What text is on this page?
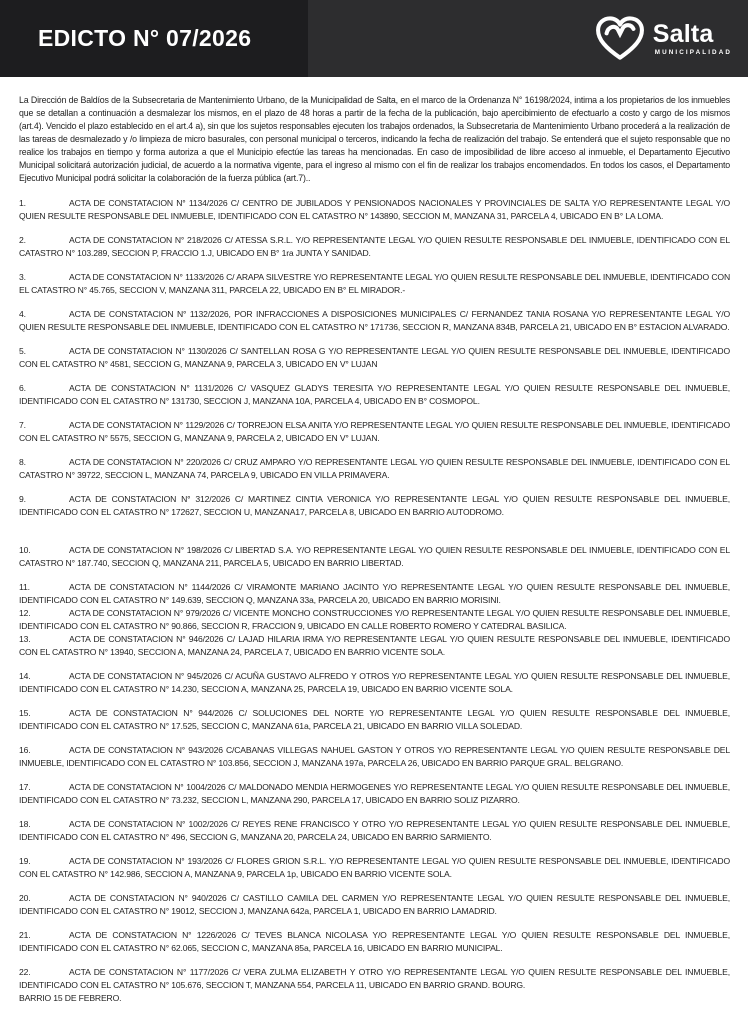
EDICTO N° 07/2026	Salta
MUNICIPALIDAD

La Dirección de Baldíos de la Subsecretaria de Mantenimiento Urbano, de la Municipalidad de Salta, en el marco de la Ordenanza N° 16198/2024, intima a los propietarios de los inmuebles que se detallan a continuación a desmalezar los mismos, en el plazo de 48 horas a partir de la fecha de la publicación, bajo apercibimiento de efectuarlo a costo y cargo de los mismos (art.4). Vencido el plazo establecido en el art.4 a), sin que los sujetos responsables ejecuten los trabajos ordenados, la Subsecretaria de Mantenimiento Urbano procederá a la realización de las tareas de desmalezado y /o limpieza de micro basurales, con personal municipal o terceros, indicando la fecha de realización del trabajo. Se entenderá que el sujeto responsable que no realice los trabajos en tiempo y forma autoriza a que el Municipio efectúe las tareas ha mencionadas. En caso de imposibilidad de libre acceso al inmueble, el Departamento Ejecutivo Municipal solicitará autorización judicial, de acuerdo a la normativa vigente, para el ingreso al mismo con el fin de realizar los trabajos encomendados. En todos los casos, el Departamento Ejecutivo Municipal podrá solicitar la colaboración de la fuerza pública (art.7)..

1.	ACTA DE CONSTATACION N° 1134/2026 C/ CENTRO DE JUBILADOS Y PENSIONADOS NACIONALES Y PROVINCIALES DE SALTA Y/O REPRESENTANTE LEGAL Y/O QUIEN RESULTE RESPONSABLE DEL INMUEBLE, IDENTIFICADO CON EL CATASTRO N° 143890, SECCION M, MANZANA 31, PARCELA 4, UBICADO EN B° LA LOMA.

2.	ACTA DE CONSTATACION N° 218/2026 C/ ATESSA S.R.L. Y/O REPRESENTANTE LEGAL Y/O QUIEN RESULTE RESPONSABLE DEL INMUEBLE, IDENTIFICADO CON EL CATASTRO N° 103.289, SECCION P, FRACCIO 1.J, UBICADO EN B° 1ra JUNTA Y SANIDAD.

3.	ACTA DE CONSTATACION N° 1133/2026 C/ ARAPA SILVESTRE Y/O REPRESENTANTE LEGAL Y/O QUIEN RESULTE RESPONSABLE DEL INMUEBLE, IDENTIFICADO CON EL CATASTRO N° 45.765, SECCION V, MANZANA 311, PARCELA 22, UBICADO EN B° EL MIRADOR.-

4.	ACTA DE CONSTATACION N° 1132/2026, POR INFRACCIONES A DISPOSICIONES MUNICIPALES C/ FERNANDEZ TANIA ROSANA Y/O REPRESENTANTE LEGAL Y/O QUIEN RESULTE RESPONSABLE DEL INMUEBLE, IDENTIFICADO CON EL CATASTRO N° 171736, SECCION R, MANZANA 834B, PARCELA 21, UBICADO EN B° ESTACION ALVARADO.

5.	ACTA DE CONSTATACION N° 1130/2026 C/ SANTELLAN ROSA G Y/O REPRESENTANTE LEGAL Y/O QUIEN RESULTE RESPONSABLE DEL INMUEBLE, IDENTIFICADO CON EL CATASTRO N° 4581, SECCION G, MANZANA 9, PARCELA 3, UBICADO EN V° LUJAN

6.	ACTA DE CONSTATACION N° 1131/2026 C/ VASQUEZ GLADYS TERESITA Y/O REPRESENTANTE LEGAL Y/O QUIEN RESULTE RESPONSABLE DEL INMUEBLE, IDENTIFICADO CON EL CATASTRO N° 131730, SECCION J, MANZANA 10A, PARCELA 4, UBICADO EN B° COSMOPOL.

7.	ACTA DE CONSTATACION N° 1129/2026 C/ TORREJON ELSA ANITA Y/O REPRESENTANTE LEGAL Y/O QUIEN RESULTE RESPONSABLE DEL INMUEBLE, IDENTIFICADO CON EL CATASTRO N° 5575, SECCION G, MANZANA 9, PARCELA 2, UBICADO EN V° LUJAN.

8.	ACTA DE CONSTATACION N° 220/2026 C/ CRUZ AMPARO Y/O REPRESENTANTE LEGAL Y/O QUIEN RESULTE RESPONSABLE DEL INMUEBLE, IDENTIFICADO CON EL CATASTRO N° 39722, SECCION L, MANZANA 74, PARCELA 9, UBICADO EN VILLA PRIMAVERA.

9.	ACTA DE CONSTATACION N° 312/2026 C/ MARTINEZ CINTIA VERONICA Y/O REPRESENTANTE LEGAL Y/O QUIEN RESULTE RESPONSABLE DEL INMUEBLE, IDENTIFICADO CON EL CATASTRO N° 172627, SECCION U, MANZANA17, PARCELA 8, UBICADO EN BARRIO AUTODROMO.

10.	ACTA DE CONSTATACION N° 198/2026 C/ LIBERTAD S.A. Y/O REPRESENTANTE LEGAL Y/O QUIEN RESULTE RESPONSABLE DEL INMUEBLE, IDENTIFICADO CON EL CATASTRO N° 187.740, SECCION Q, MANZANA 211, PARCELA 5, UBICADO EN BARRIO LIBERTAD.

11.	ACTA DE CONSTATACION N° 1144/2026 C/ VIRAMONTE MARIANO JACINTO Y/O REPRESENTANTE LEGAL Y/O QUIEN RESULTE RESPONSABLE DEL INMUEBLE, IDENTIFICADO CON EL CATASTRO N° 149.639, SECCION Q, MANZANA 33a, PARCELA 20, UBICADO EN BARRIO MORISINI.

12.	ACTA DE CONSTATACION N° 979/2026 C/ VICENTE MONCHO CONSTRUCCIONES Y/O REPRESENTANTE LEGAL Y/O QUIEN RESULTE RESPONSABLE DEL INMUEBLE, IDENTIFICADO CON EL CATASTRO N° 90.866, SECCION R, FRACCION 9, UBICADO EN CALLE ROBERTO ROMERO Y CATEDRAL BASILICA.

13.	ACTA DE CONSTATACION N° 946/2026 C/ LAJAD HILARIA IRMA Y/O REPRESENTANTE LEGAL Y/O QUIEN RESULTE RESPONSABLE DEL INMUEBLE, IDENTIFICADO CON EL CATASTRO N° 13940, SECCION A, MANZANA 24, PARCELA 7, UBICADO EN BARRIO VICENTE SOLA.

14.	ACTA DE CONSTATACION N° 945/2026 C/ ACUÑA GUSTAVO ALFREDO Y OTROS Y/O REPRESENTANTE LEGAL Y/O QUIEN RESULTE RESPONSABLE DEL INMUEBLE, IDENTIFICADO CON EL CATASTRO N° 14.230, SECCION A, MANZANA 25, PARCELA 19, UBICADO EN BARRIO VICENTE SOLA.

15.	ACTA DE CONSTATACION N° 944/2026 C/ SOLUCIONES DEL NORTE Y/O REPRESENTANTE LEGAL Y/O QUIEN RESULTE RESPONSABLE DEL INMUEBLE, IDENTIFICADO CON EL CATASTRO N° 17.525, SECCION C, MANZANA 61a, PARCELA 21, UBICADO EN BARRIO VILLA SOLEDAD.

16.	ACTA DE CONSTATACION N° 943/2026 C/CABANAS VILLEGAS NAHUEL GASTON Y OTROS Y/O REPRESENTANTE LEGAL Y/O QUIEN RESULTE RESPONSABLE DEL INMUEBLE, IDENTIFICADO CON EL CATASTRO N° 103.856, SECCION J, MANZANA 197a, PARCELA 26, UBICADO EN BARRIO PARQUE GRAL. BELGRANO.

17.	ACTA DE CONSTATACION N° 1004/2026 C/ MALDONADO MENDIA HERMOGENES Y/O REPRESENTANTE LEGAL Y/O QUIEN RESULTE RESPONSABLE DEL INMUEBLE, IDENTIFICADO CON EL CATASTRO N° 73.232, SECCION L, MANZANA 290, PARCELA 17, UBICADO EN BARRIO SOLIZ PIZARRO.

18.	ACTA DE CONSTATACION N° 1002/2026 C/ REYES RENE FRANCISCO Y OTRO Y/O REPRESENTANTE LEGAL Y/O QUIEN RESULTE RESPONSABLE DEL INMUEBLE, IDENTIFICADO CON EL CATASTRO N° 496, SECCION G, MANZANA 20, PARCELA 24, UBICADO EN BARRIO SARMIENTO.

19.	ACTA DE CONSTATACION N° 193/2026 C/ FLORES GRION S.R.L. Y/O REPRESENTANTE LEGAL Y/O QUIEN RESULTE RESPONSABLE DEL INMUEBLE, IDENTIFICADO CON EL CATASTRO N° 142.986, SECCION A, MANZANA 9, PARCELA 1p, UBICADO EN BARRIO VICENTE SOLA.

20.	ACTA DE CONSTATACION N° 940/2026 C/ CASTILLO CAMILA DEL CARMEN Y/O REPRESENTANTE LEGAL Y/O QUIEN RESULTE RESPONSABLE DEL INMUEBLE, IDENTIFICADO CON EL CATASTRO N° 19012, SECCION J, MANZANA 642a, PARCELA 1, UBICADO EN BARRIO LAMADRID.

21.	ACTA DE CONSTATACION N° 1226/2026 C/ TEVES BLANCA NICOLASA Y/O REPRESENTANTE LEGAL Y/O QUIEN RESULTE RESPONSABLE DEL INMUEBLE, IDENTIFICADO CON EL CATASTRO N° 62.065, SECCION C, MANZANA 85a, PARCELA 16, UBICADO EN BARRIO MUNICIPAL.

22.	ACTA DE CONSTATACION N° 1177/2026 C/ VERA ZULMA ELIZABETH Y OTRO Y/O REPRESENTANTE LEGAL Y/O QUIEN RESULTE RESPONSABLE DEL INMUEBLE, IDENTIFICADO CON EL CATASTRO N° 105.676, SECCION T, MANZANA 554, PARCELA 11, UBICADO EN BARRIO GRAND. BOURG.

BARRIO 15 DE FEBRERO.
